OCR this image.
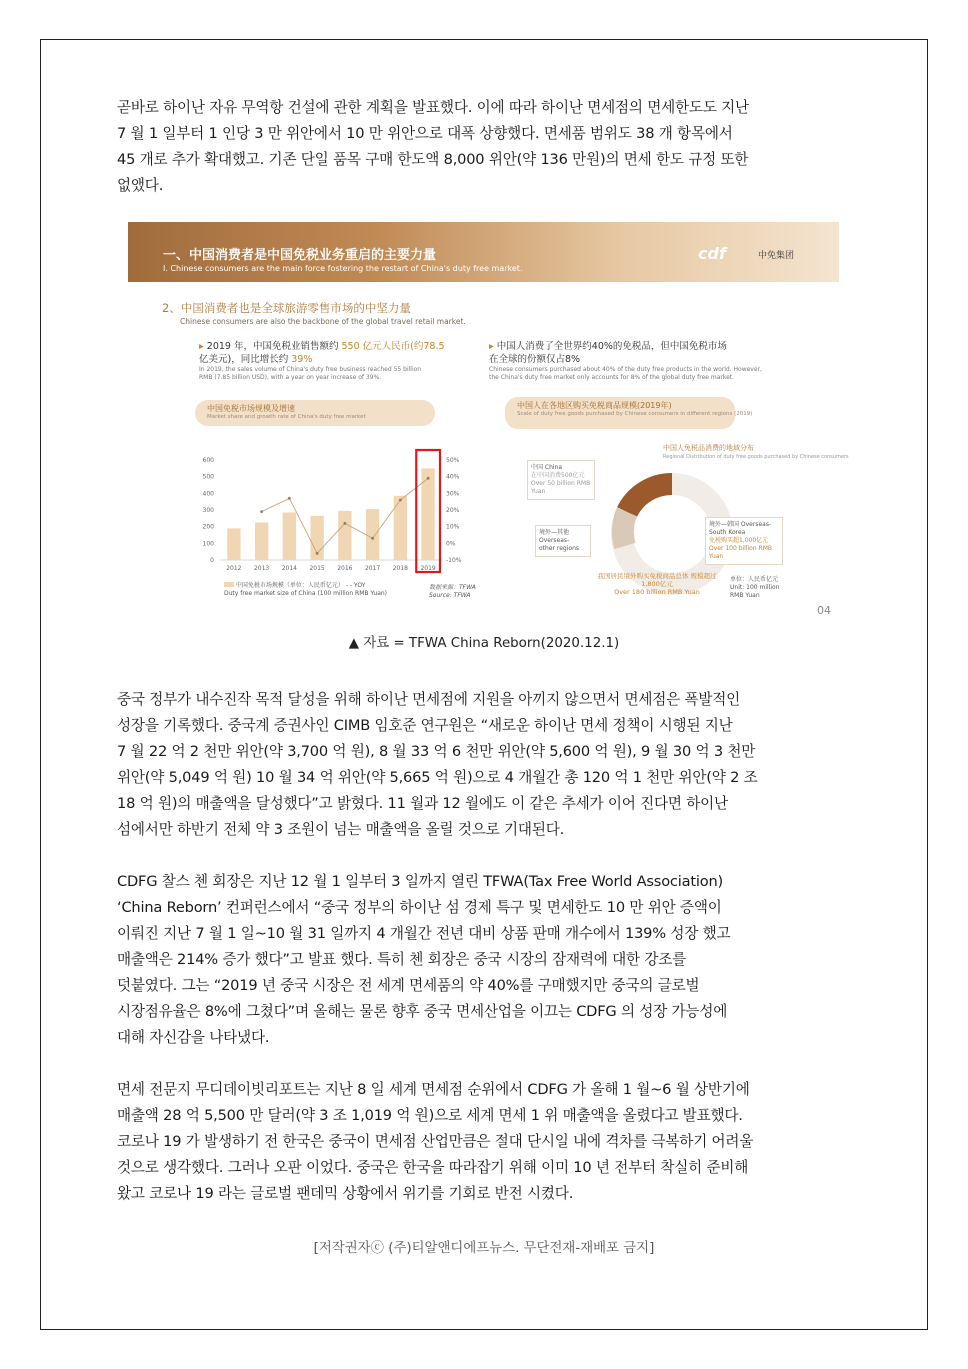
곧바로 하이난 자유 무역항 건설에 관한 계획을 발표했다. 이에 따라 하이난 면세점의 면세한도도 지난
7 월 1 일부터 1 인당 3 만 위안에서 10 만 위안으로 대폭 상향했다. 면세품 범위도 38 개 항목에서
45 개로 추가 확대했고. 기존 단일 품목 구매 한도액 8,000 위안(약 136 만원)의 면세 한도 규정 또한
없앴다.
一、中国消费者是中国免税业务重启的主要力量
I. Chinese consumers are the main force fostering the restart of China's duty free market.
cdf	中免集团
2、中国消费者也是全球旅游零售市场的中坚力量
Chinese consumers are also the backbone of the global travel retail market.
▸ 2019 年，中国免税业销售额约 550 亿元人民币(约78.5
亿美元)，同比增长约 39%
In 2019, the sales volume of China's duty free business reached 55 billion
RMB (7.85 billion USD), with a year on year increase of 39%.
▸ 中国人消费了全世界约40%的免税品，但中国免税市场
在全球的份额仅占8%
Chinese consumers purchased about 40% of the duty free products in the world. However,
the China's duty free market only accounts for 8% of the global duty free market.
中国免税市场规模及增速
Market share and growth rate of China's duty free market
中国人在各地区购买免税商品规模(2019年)
Scale of duty free goods purchased by Chinese consumers in different regions (2019)
600
500
400
300
200
100
0
50%
40%
30%
20%
10%
0%
-10%
2012 2013 2014 2015 2016 2017 2018 2019
中国免税市场规模（单位：人民币亿元） - - YOY
Duty free market size of China (100 million RMB Yuan)
数据来源：TFWA
Source: TFWA
中国人免税品消费的地域分布
Regional Distribution of duty free goods purchased by Chinese consumers
中国 China
在中国消费500亿元 Over 50 billion RMB Yuan
境外—其他 Overseas- other regions
境外—韩国 Overseas- South Korea
免税购买超1,000亿元 Over 100 billion RMB Yuan
我国居民境外购买免税商品总体 规模超过1,800亿元
Over 180 billion RMB Yuan
单位：人民币亿元 Unit: 100 million RMB Yuan
04
▲ 자료 = TFWA China Reborn(2020.12.1)
중국 정부가 내수진작 목적 달성을 위해 하이난 면세점에 지원을 아끼지 않으면서 면세점은 폭발적인
성장을 기록했다. 중국계 증권사인 CIMB 임호준 연구원은 “새로운 하이난 면세 정책이 시행된 지난
7 월 22 억 2 천만 위안(약 3,700 억 원), 8 월 33 억 6 천만 위안(약 5,600 억 원), 9 월 30 억 3 천만
위안(약 5,049 억 원) 10 월 34 억 위안(약 5,665 억 원)으로 4 개월간 총 120 억 1 천만 위안(약 2 조
18 억 원)의 매출액을 달성했다”고 밝혔다. 11 월과 12 월에도 이 같은 추세가 이어 진다면 하이난
섬에서만 하반기 전체 약 3 조원이 넘는 매출액을 올릴 것으로 기대된다.
CDFG 찰스 첸 회장은 지난 12 월 1 일부터 3 일까지 열린 TFWA(Tax Free World Association)
‘China Reborn’ 컨퍼런스에서 “중국 정부의 하이난 섬 경제 특구 및 면세한도 10 만 위안 증액이
이뤄진 지난 7 월 1 일~10 월 31 일까지 4 개월간 전년 대비 상품 판매 개수에서 139% 성장 했고
매출액은 214% 증가 했다”고 발표 했다. 특히 첸 회장은 중국 시장의 잠재력에 대한 강조를
덧붙였다. 그는 “2019 년 중국 시장은 전 세계 면세품의 약 40%를 구매했지만 중국의 글로벌
시장점유율은 8%에 그쳤다”며 올해는 물론 향후 중국 면세산업을 이끄는 CDFG 의 성장 가능성에
대해 자신감을 나타냈다.
면세 전문지 무디데이빗리포트는 지난 8 일 세계 면세점 순위에서 CDFG 가 올해 1 월~6 월 상반기에
매출액 28 억 5,500 만 달러(약 3 조 1,019 억 원)으로 세계 면세 1 위 매출액을 올렸다고 발표했다.
코로나 19 가 발생하기 전 한국은 중국이 면세점 산업만큼은 절대 단시일 내에 격차를 극복하기 어려울
것으로 생각했다. 그러나 오판 이었다. 중국은 한국을 따라잡기 위해 이미 10 년 전부터 착실히 준비해
왔고 코로나 19 라는 글로벌 팬데믹 상황에서 위기를 기회로 반전 시켰다.
[저작권자ⓒ (주)티알앤디에프뉴스. 무단전재-재배포 금지]
